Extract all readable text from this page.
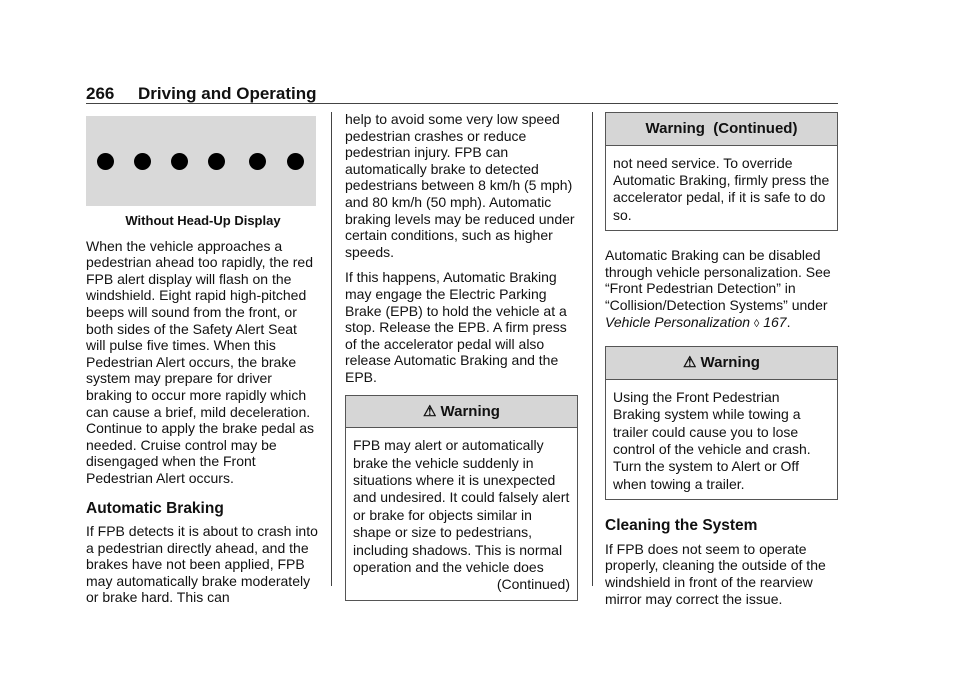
266 Driving and Operating
Without Head-Up Display

When the vehicle approaches a pedestrian ahead too rapidly, the red FPB alert display will flash on the windshield. Eight rapid high-pitched beeps will sound from the front, or both sides of the Safety Alert Seat will pulse five times. When this Pedestrian Alert occurs, the brake system may prepare for driver braking to occur more rapidly which can cause a brief, mild deceleration. Continue to apply the brake pedal as needed. Cruise control may be disengaged when the Front Pedestrian Alert occurs.

Automatic Braking

If FPB detects it is about to crash into a pedestrian directly ahead, and the brakes have not been applied, FPB may automatically brake moderately or brake hard. This can

help to avoid some very low speed pedestrian crashes or reduce pedestrian injury. FPB can automatically brake to detected pedestrians between 8 km/h (5 mph) and 80 km/h (50 mph). Automatic braking levels may be reduced under certain conditions, such as higher speeds.

If this happens, Automatic Braking may engage the Electric Parking Brake (EPB) to hold the vehicle at a stop. Release the EPB. A firm press of the accelerator pedal will also release Automatic Braking and the EPB.

⚠ Warning
FPB may alert or automatically brake the vehicle suddenly in situations where it is unexpected and undesired. It could falsely alert or brake for objects similar in shape or size to pedestrians, including shadows. This is normal operation and the vehicle does
(Continued)
Warning  (Continued)
not need service. To override Automatic Braking, firmly press the accelerator pedal, if it is safe to do so.

Automatic Braking can be disabled through vehicle personalization. See “Front Pedestrian Detection” in “Collision/Detection Systems” under Vehicle Personalization ◊ 167.

⚠ Warning
Using the Front Pedestrian Braking system while towing a trailer could cause you to lose control of the vehicle and crash. Turn the system to Alert or Off when towing a trailer.
Cleaning the System

If FPB does not seem to operate properly, cleaning the outside of the windshield in front of the rearview mirror may correct the issue.
